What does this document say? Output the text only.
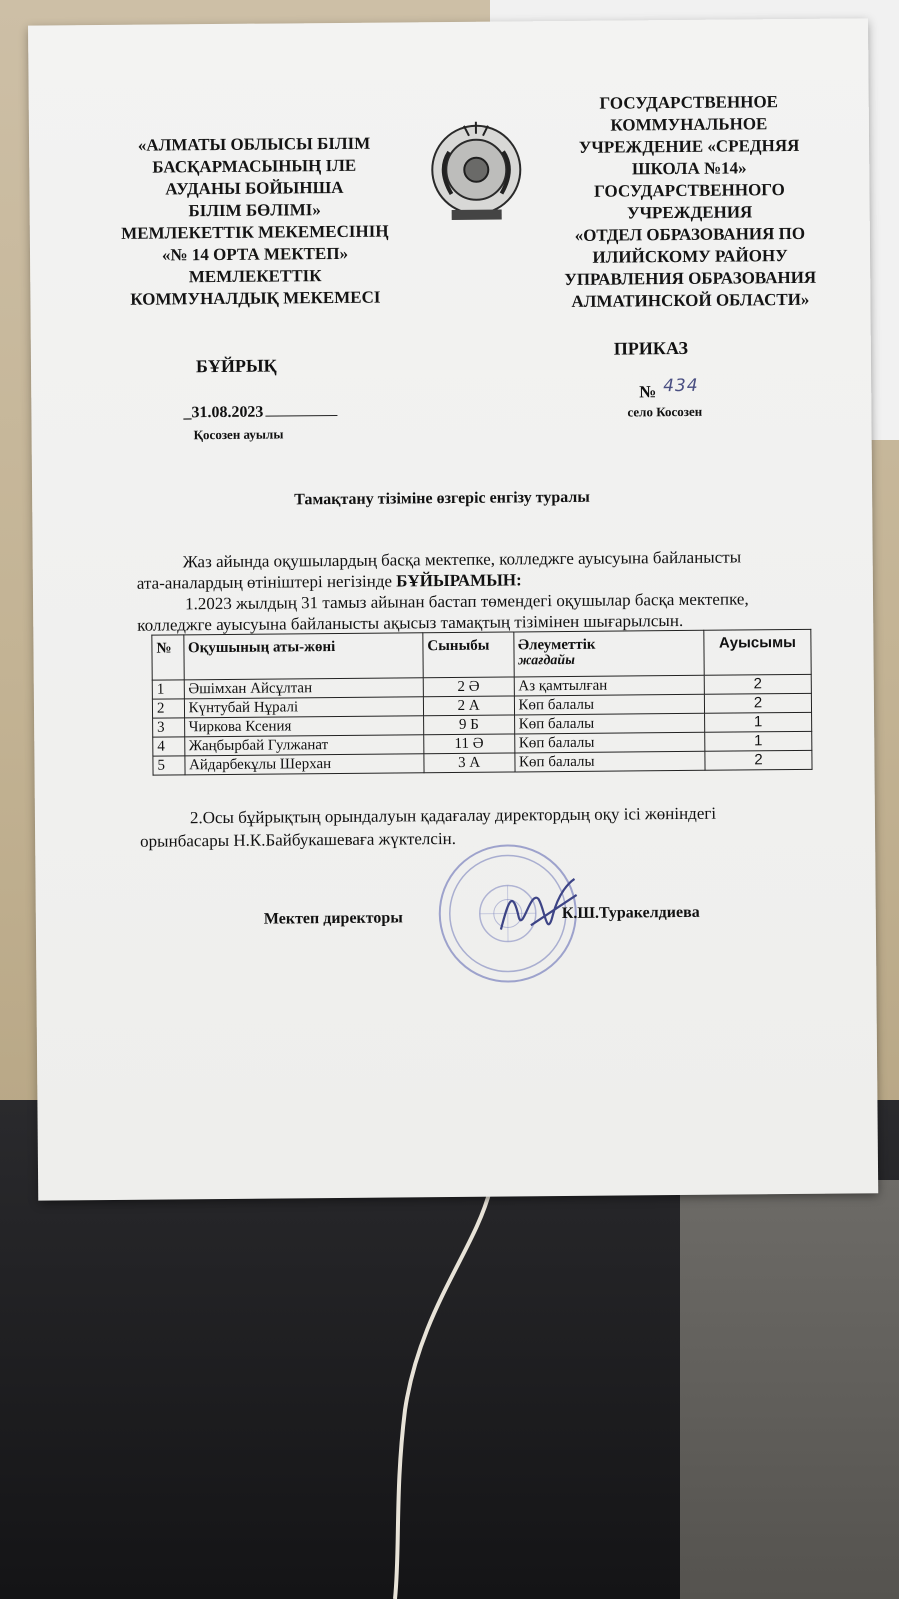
«АЛМАТЫ ОБЛЫСЫ БІЛІМ
БАСҚАРМАСЫНЫҢ ІЛЕ
АУДАНЫ БОЙЫНША
БІЛІМ БӨЛІМІ»
МЕМЛЕКЕТТІК МЕКЕМЕСІНІҢ
«№ 14 ОРТА МЕКТЕП»
МЕМЛЕКЕТТІК
КОММУНАЛДЫҚ МЕКЕМЕСІ
ГОСУДАРСТВЕННОЕ
КОММУНАЛЬНОЕ
УЧРЕЖДЕНИЕ «СРЕДНЯЯ
ШКОЛА №14»
ГОСУДАРСТВЕННОГО
УЧРЕЖДЕНИЯ
«ОТДЕЛ ОБРАЗОВАНИЯ ПО
ИЛИЙСКОМУ РАЙОНУ
УПРАВЛЕНИЯ ОБРАЗОВАНИЯ
АЛМАТИНСКОЙ ОБЛАСТИ»
БҰЙРЫҚ
ПРИКАЗ
_31.08.2023
Қосозен ауылы
№ 434
село Косозен
Тамақтану тізіміне өзгеріс енгізу туралы
Жаз айында оқушылардың басқа мектепке, колледжге ауысуына байланысты
ата-аналардың өтініштері негізінде БҰЙЫРАМЫН:
1.2023 жылдың 31 тамыз айынан бастап төмендегі оқушылар басқа мектепке,
колледжге ауысуына байланысты ақысыз тамақтың тізімінен шығарылсын.
№	Оқушының аты-жөні	Сыныбы	Әлеуметтік
жағдайы	Ауысымы
1	Әшімхан Айсұлтан	2 Ә	Аз қамтылған	2
2	Күнтубай Нұралі	2 А	Көп балалы	2
3	Чиркова Ксения	9 Б	Көп балалы	1
4	Жаңбырбай Гулжанат	11 Ә	Көп балалы	1
5	Айдарбекұлы Шерхан	3 А	Көп балалы	2
2.Осы бұйрықтың орындалуын қадағалау директордың оқу ісі жөніндегі
орынбасары Н.К.Байбукашеваға жүктелсін.
Мектеп директоры	К.Ш.Туракелдиева
